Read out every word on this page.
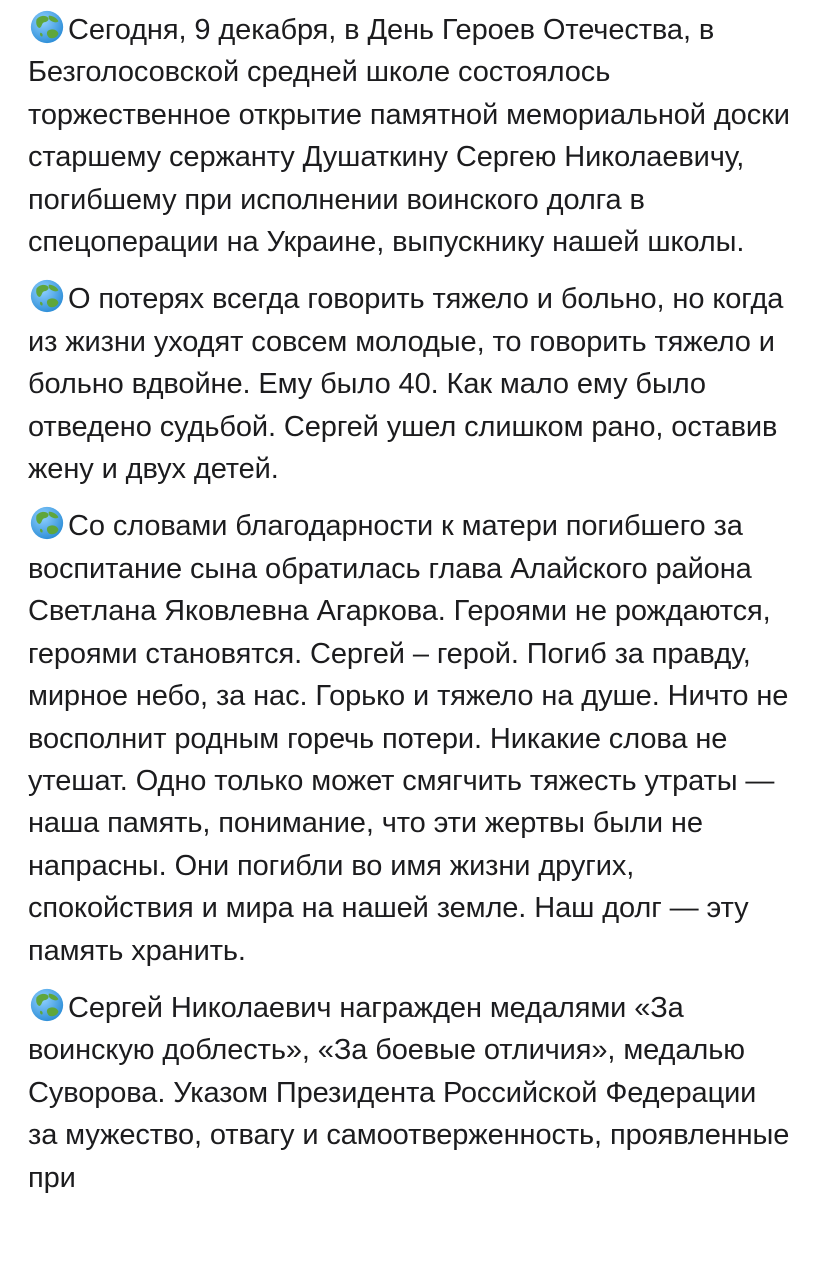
Сегодня, 9 декабря, в День Героев Отечества, в Безголосовской средней школе состоялось торжественное открытие памятной мемориальной доски старшему сержанту Душаткину Сергею Николаевичу, погибшему при исполнении воинского долга в спецоперации на Украине, выпускнику нашей школы.

О потерях всегда говорить тяжело и больно, но когда из жизни уходят совсем молодые, то говорить тяжело и больно вдвойне. Ему было 40. Как мало ему было отведено судьбой. Сергей ушел слишком рано, оставив жену и двух детей.

Со словами благодарности к матери погибшего за воспитание сына обратилась глава Алайского района Светлана Яковлевна Агаркова. Героями не рождаются, героями становятся. Сергей – герой. Погиб за правду, мирное небо, за нас. Горько и тяжело на душе. Ничто не восполнит родным горечь потери. Никакие слова не утешат. Одно только может смягчить тяжесть утраты — наша память, понимание, что эти жертвы были не напрасны. Они погибли во имя жизни других, спокойствия и мира на нашей земле. Наш долг — эту память хранить.

Сергей Николаевич награжден медалями «За воинскую доблесть», «За боевые отличия», медалью Суворова. Указом Президента Российской Федерации за мужество, отвагу и самоотверженность, проявленные при
